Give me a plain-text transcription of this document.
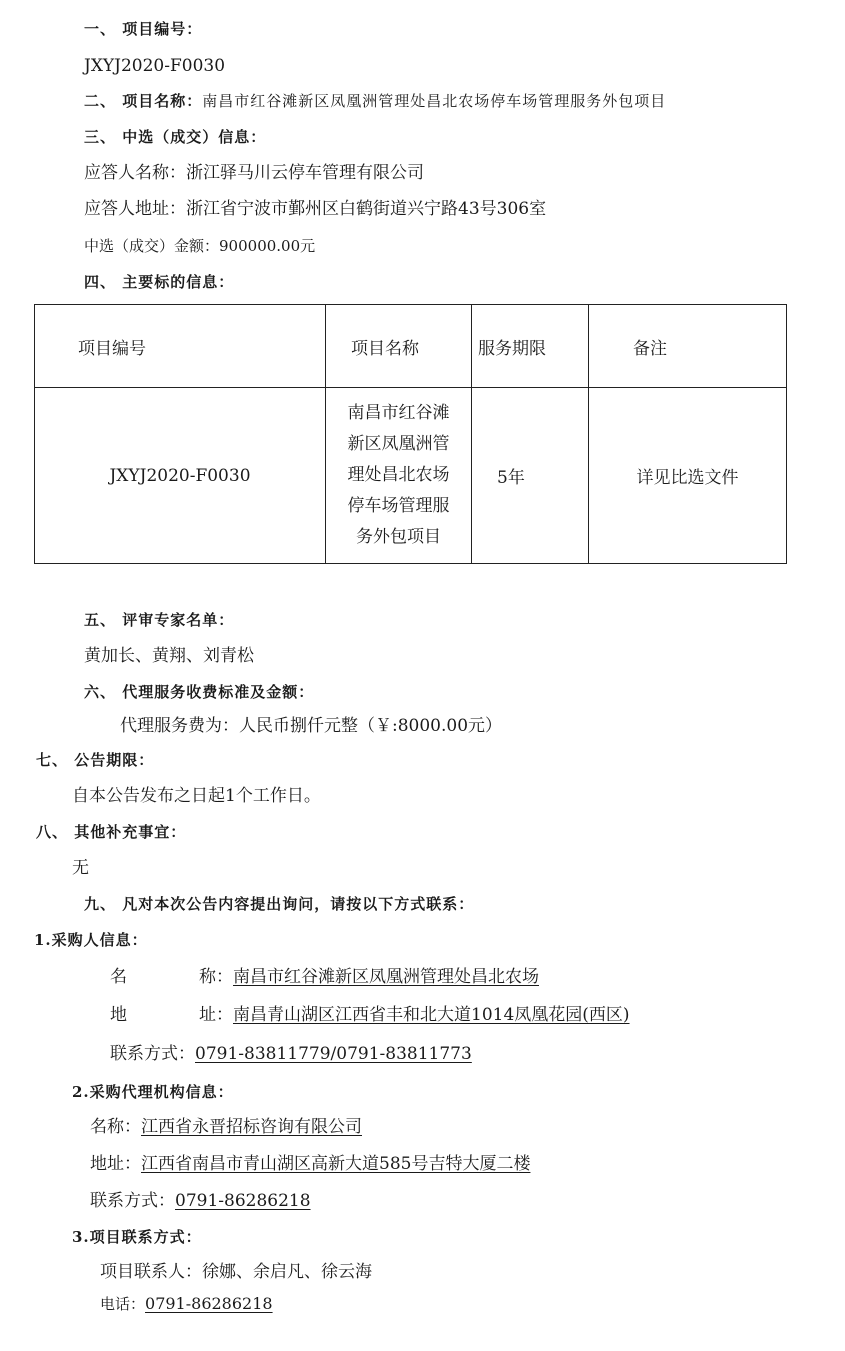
一、 项目编号：
JXYJ2020-F0030
二、 项目名称：南昌市红谷滩新区凤凰洲管理处昌北农场停车场管理服务外包项目
三、 中选（成交）信息：
应答人名称：浙江驿马川云停车管理有限公司
应答人地址：浙江省宁波市鄞州区白鹤街道兴宁路43号306室
中选（成交）金额：900000.00元
四、 主要标的信息：
项目编号	项目名称	服务期限	备注
JXYJ2020-F0030	南昌市红谷滩
新区凤凰洲管
理处昌北农场
停车场管理服
务外包项目	5年	详见比选文件
五、 评审专家名单：
黄加长、黄翔、刘青松
六、 代理服务收费标准及金额：
代理服务费为：人民币捌仟元整（￥:8000.00元）
七、 公告期限：
自本公告发布之日起1个工作日。
八、 其他补充事宜：
无
九、 凡对本次公告内容提出询问，请按以下方式联系：
1.采购人信息：
名	称：南昌市红谷滩新区凤凰洲管理处昌北农场
地	址：南昌青山湖区江西省丰和北大道1014凤凰花园(西区)
联系方式：0791-83811779/0791-83811773
2.采购代理机构信息：
名称：江西省永晋招标咨询有限公司
地址：江西省南昌市青山湖区高新大道585号吉特大厦二楼
联系方式：0791-86286218
3.项目联系方式：
项目联系人：徐娜、余启凡、徐云海
电话：0791-86286218
